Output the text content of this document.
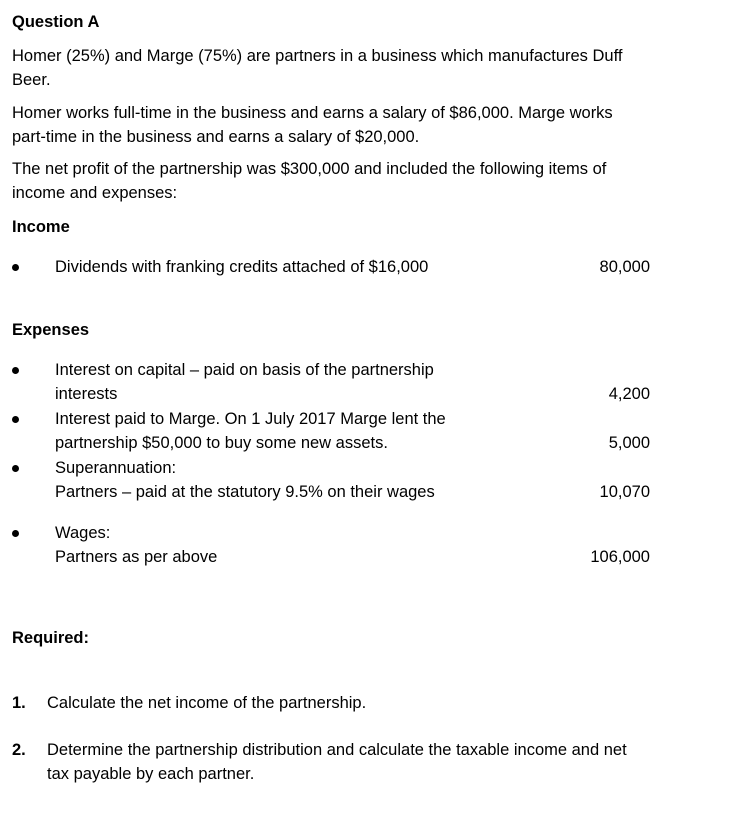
Question A
Homer (25%) and Marge (75%) are partners in a business which manufactures Duff
Beer.
Homer works full-time in the business and earns a salary of $86,000. Marge works
part-time in the business and earns a salary of $20,000.
The net profit of the partnership was $300,000 and included the following items of
income and expenses:
Income
Dividends with franking credits attached of $16,000	80,000
Expenses
Interest on capital – paid on basis of the partnership
interests	4,200
Interest paid to Marge. On 1 July 2017 Marge lent the
partnership $50,000 to buy some new assets.	5,000
Superannuation:
Partners – paid at the statutory 9.5% on their wages	10,070
Wages:
Partners as per above	106,000
Required:
1. Calculate the net income of the partnership.
2. Determine the partnership distribution and calculate the taxable income and net
tax payable by each partner.
